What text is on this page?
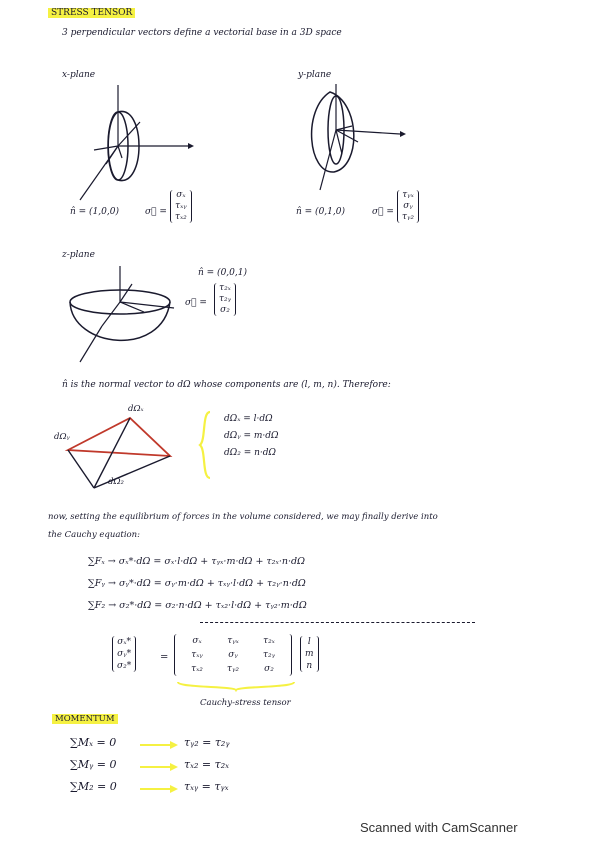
STRESS TENSOR
3 perpendicular vectors define a vectorial base in a 3D space
x-plane
n̂ = (1,0,0)	σ⃗ =
σₓ
τₓᵧ
τₓ₂
y-plane
n̂ = (0,1,0)	σ⃗ =
τᵧₓ
σᵧ
τᵧ₂
z-plane
n̂ = (0,0,1)
σ⃗ =
τ₂ₓ
τ₂ᵧ
σ₂
n̂ is the normal vector to dΩ whose components are (l, m, n). Therefore:
dΩₓ
dΩᵧ
dΩ₂
dΩₓ = l·dΩ
dΩᵧ = m·dΩ
dΩ₂ = n·dΩ
now, setting the equilibrium of forces in the volume considered, we may finally derive into
the Cauchy equation:
∑Fₓ → σₓ*·dΩ = σₓ·l·dΩ + τᵧₓ·m·dΩ + τ₂ₓ·n·dΩ
∑Fᵧ → σᵧ*·dΩ = σᵧ·m·dΩ + τₓᵧ·l·dΩ + τ₂ᵧ·n·dΩ
∑F₂ → σ₂*·dΩ = σ₂·n·dΩ + τₓ₂·l·dΩ + τᵧ₂·m·dΩ
σₓ*
σᵧ*
σ₂*
=
σₓ	τᵧₓ	τ₂ₓ
τₓᵧ	σᵧ	τ₂ᵧ
τₓ₂	τᵧ₂	σ₂
l
m
n
Cauchy-stress tensor
MOMENTUM
∑Mₓ = 0	τᵧ₂ = τ₂ᵧ
∑Mᵧ = 0	τₓ₂ = τ₂ₓ
∑M₂ = 0	τₓᵧ = τᵧₓ
Scanned with CamScanner
